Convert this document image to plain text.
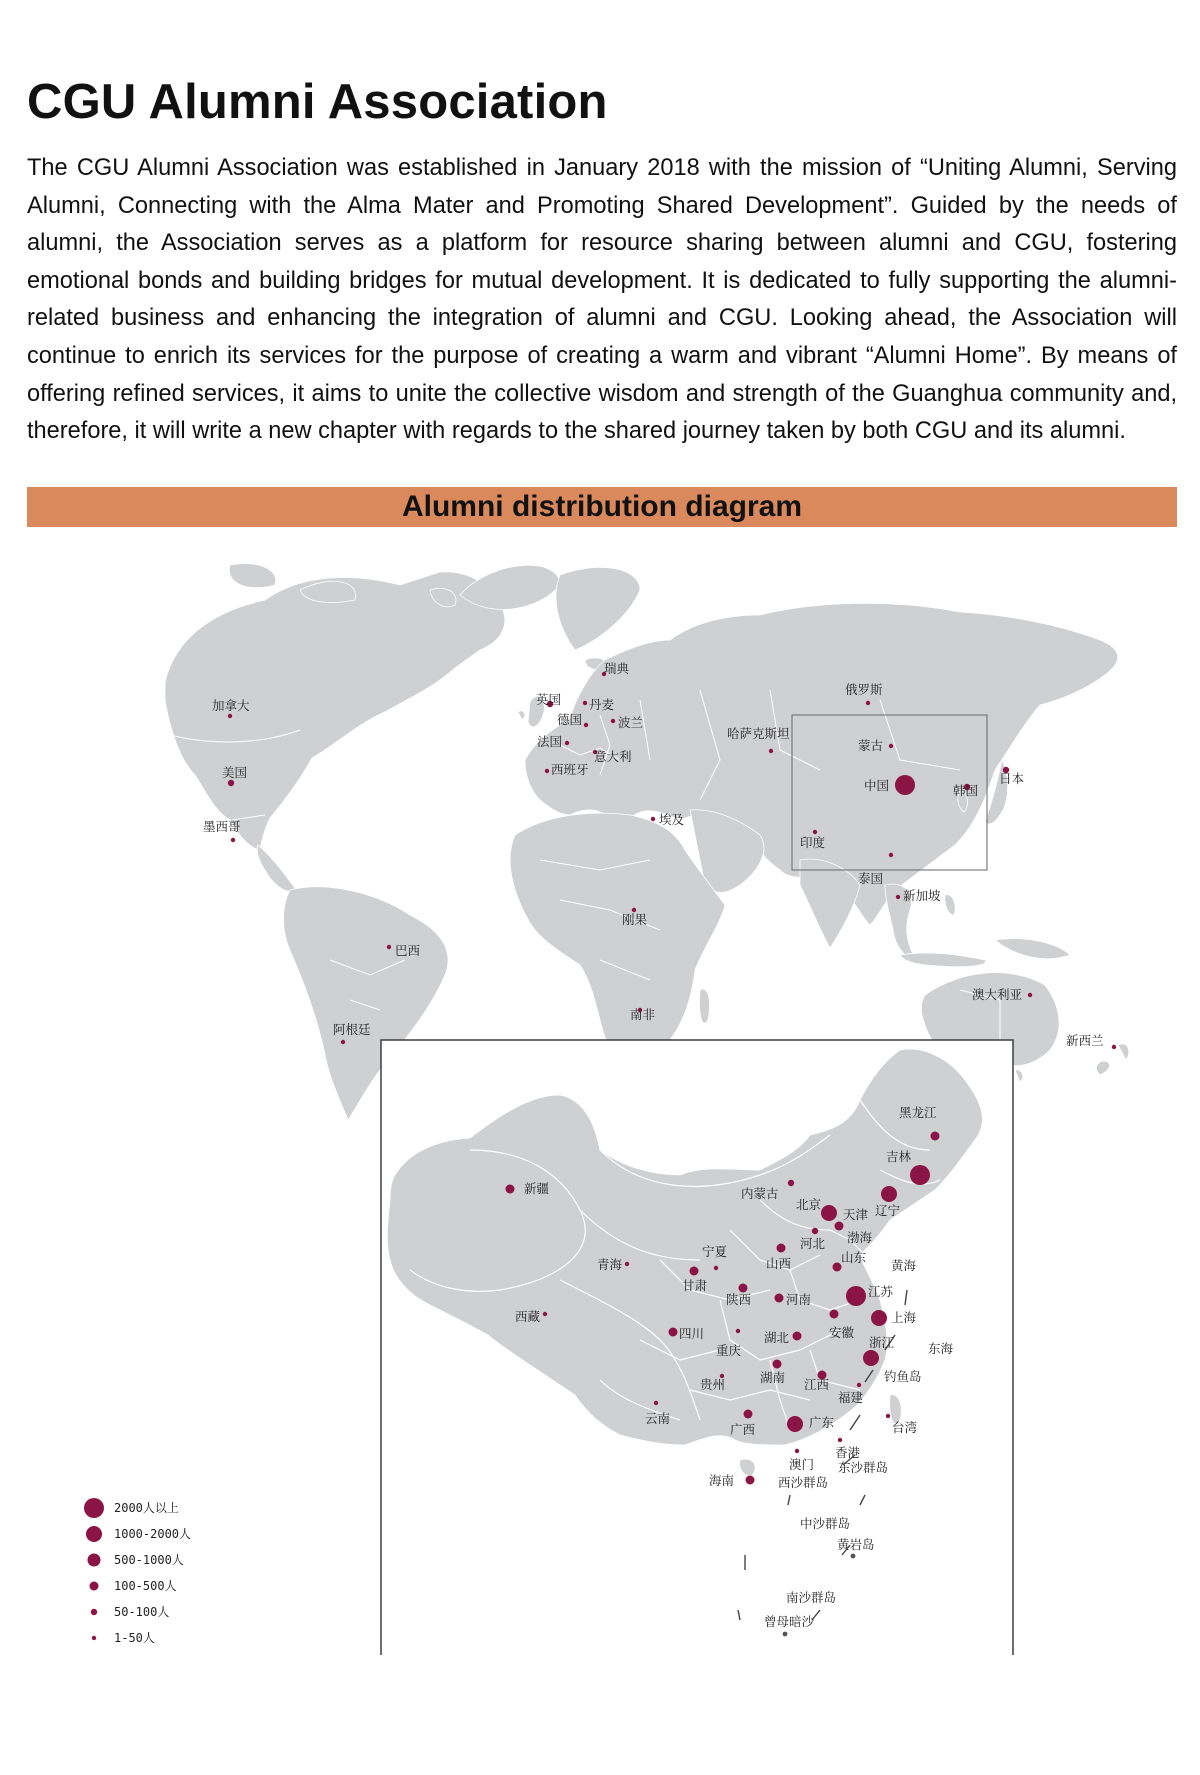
CGU Alumni Association

The CGU Alumni Association was established in January 2018 with the mission of “Uniting Alumni, Serving Alumni, Connecting with the Alma Mater and Promoting Shared Development”. Guided by the needs of alumni, the Association serves as a platform for resource sharing between alumni and CGU, fostering emotional bonds and building bridges for mutual development. It is dedicated to fully supporting the alumni-related business and enhancing the integration of alumni and CGU. Looking ahead, the Association will continue to enrich its services for the purpose of creating a warm and vibrant “Alumni Home”. By means of offering refined services, it aims to unite the collective wisdom and strength of the Guanghua community and, therefore, it will write a new chapter with regards to the shared journey taken by both CGU and its alumni.

Alumni distribution diagram
加拿大
美国
墨西哥
巴西
阿根廷
英国 丹麦
瑞典
德国	波兰
法国
西班牙
意大利
埃及
刚果
南非
哈萨克斯坦
俄罗斯
蒙古
中国	韩国
日本
印度
泰国
新加坡
澳大利亚
新西兰
黑龙江
吉林
辽宁
内蒙古
北京
天津
河北
山西	山东
新疆
宁夏
甘肃
青海
陕西	河南
江苏
安徽
上海
西藏
四川
重庆
湖北	浙江
湖南
贵州	江西
福建
台湾
云南
广西	广东
香港
澳门
海南
渤海
黄海
东海
钓鱼岛
东沙群岛
西沙群岛
中沙群岛
黄岩岛
南沙群岛
曾母暗沙
2000人以上
1000-2000人
500-1000人
100-500人
50-100人
1-50人
